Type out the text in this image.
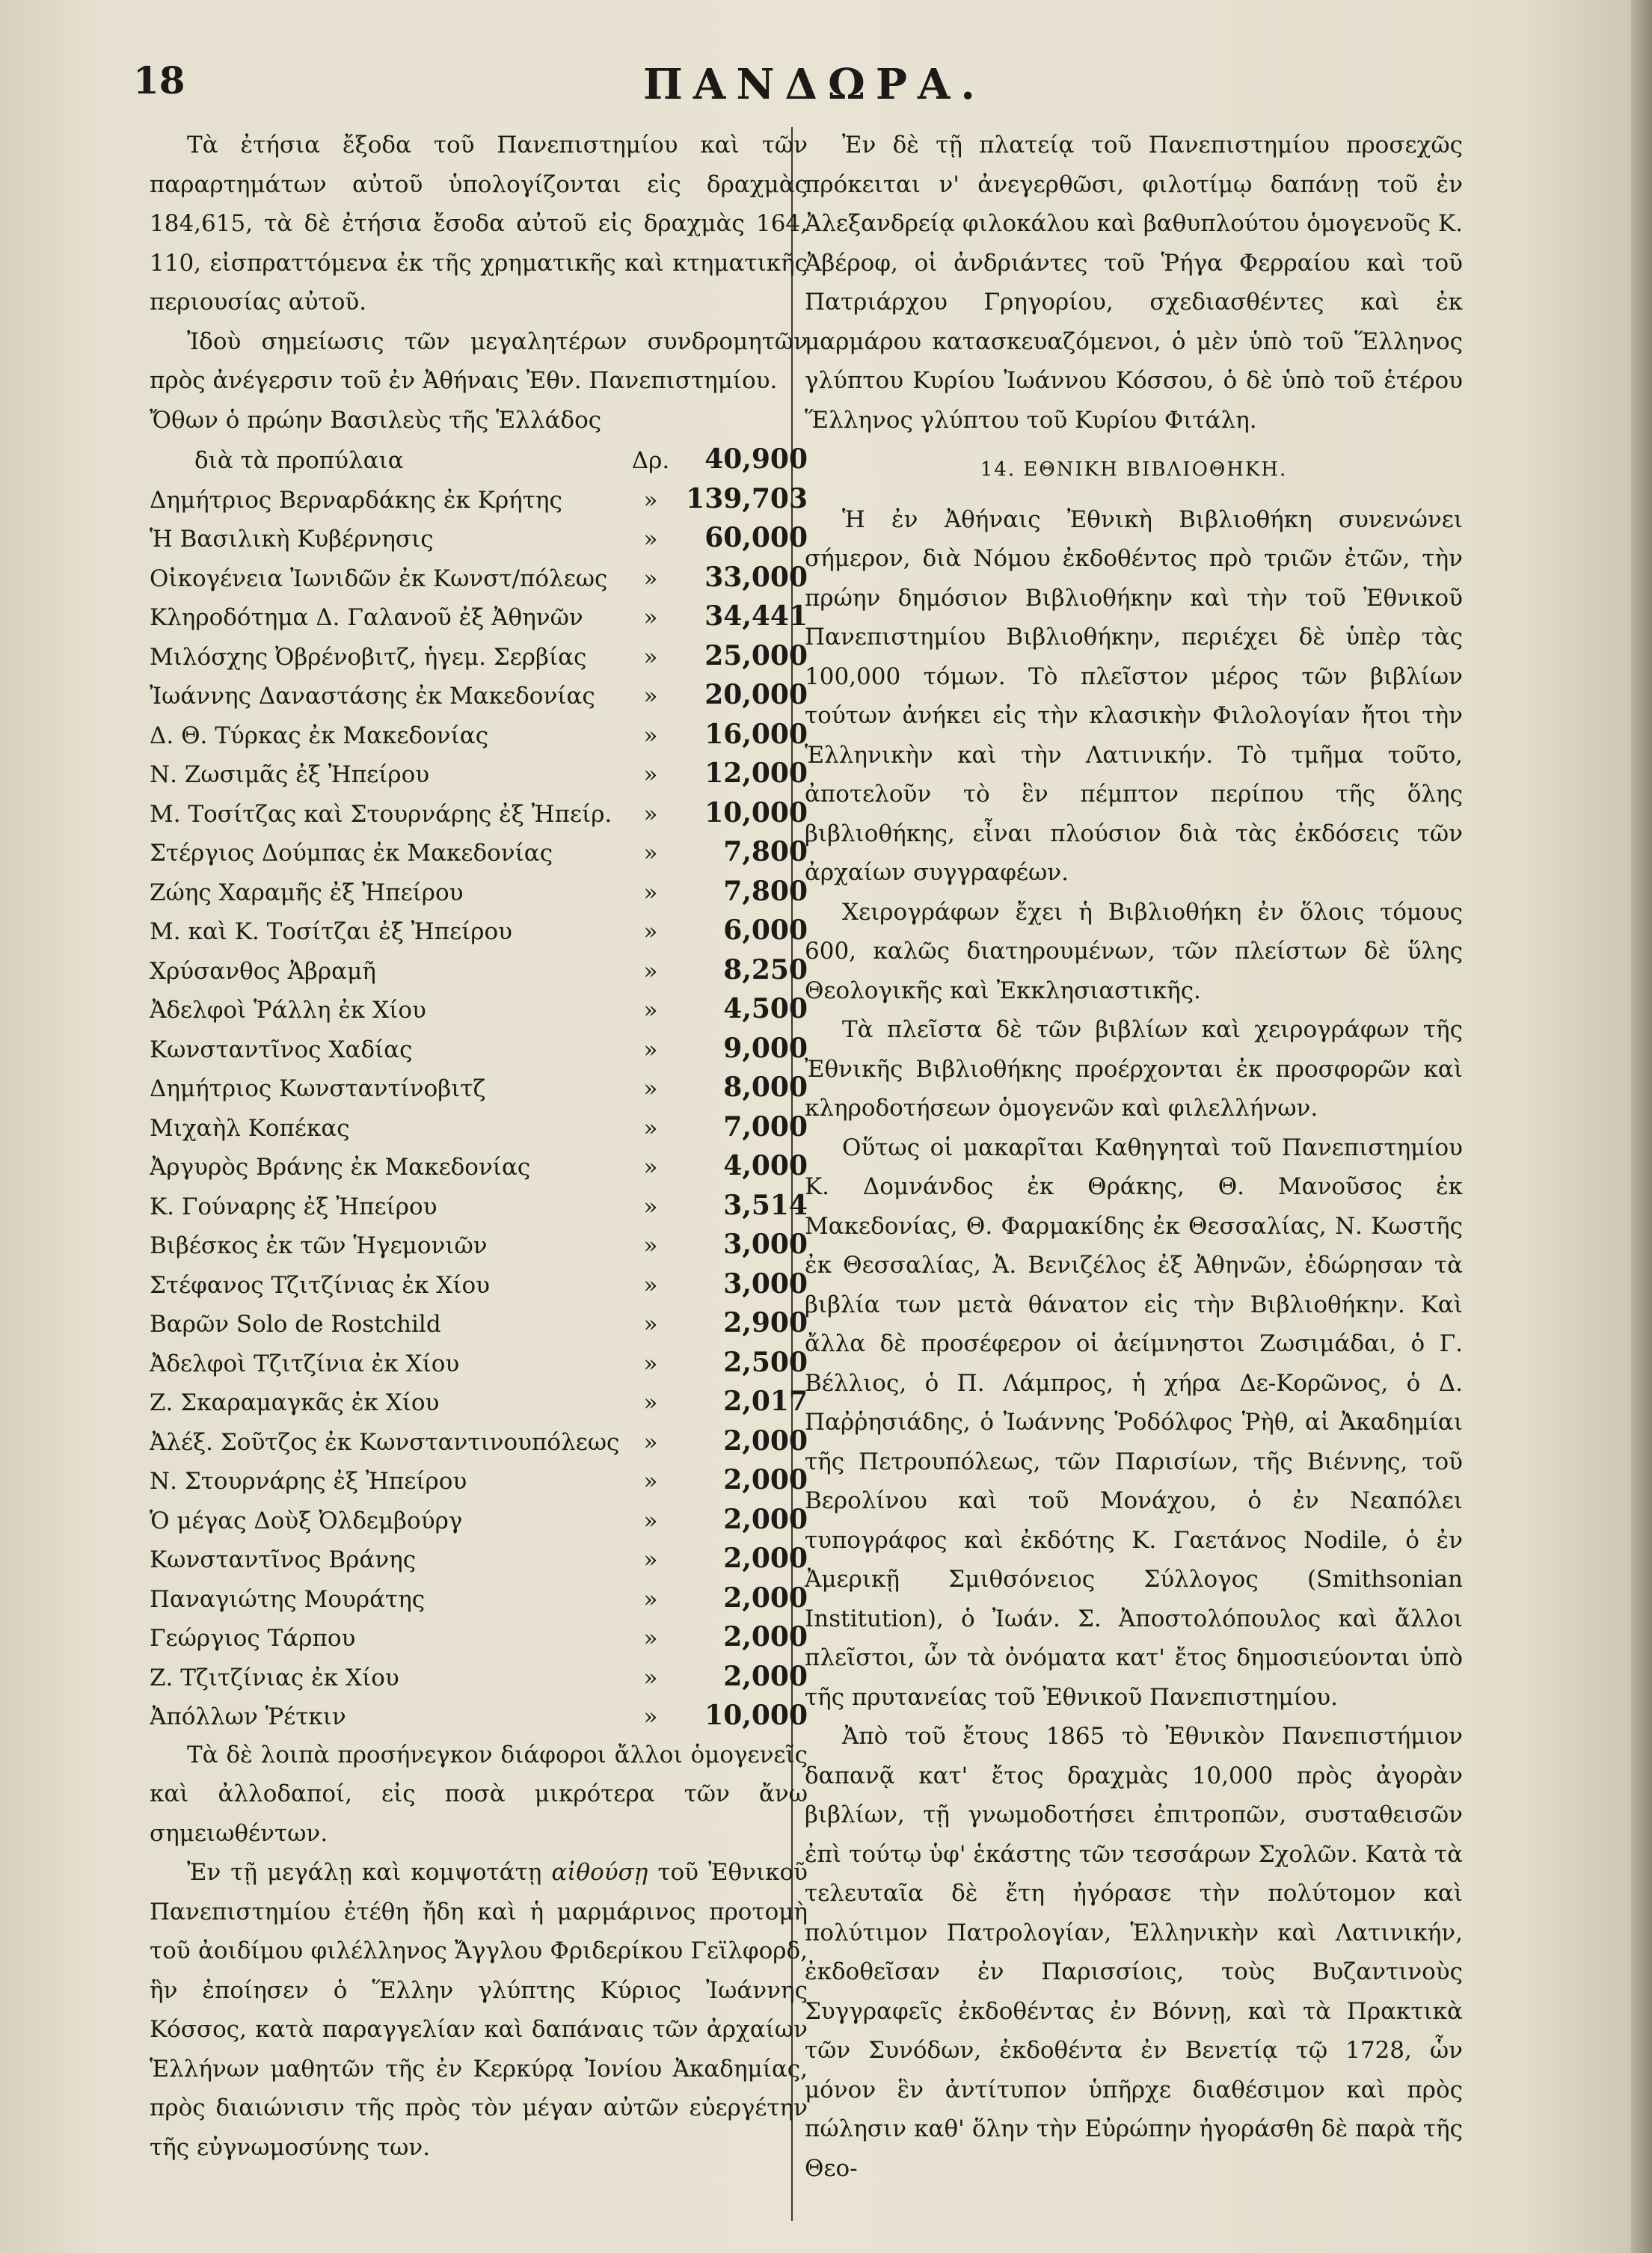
18	ΠΑΝΔΩΡΑ.

Τὰ ἐτήσια ἔξοδα τοῦ Πανεπιστημίου καὶ τῶν παραρτημάτων αὐτοῦ ὑπολογίζονται εἰς δραχμὰς 184,615, τὰ δὲ ἐτήσια ἔσοδα αὐτοῦ εἰς δραχμὰς 164, 110, εἰσπραττόμενα ἐκ τῆς χρηματικῆς καὶ κτηματικῆς περιουσίας αὐτοῦ.

Ἰδοὺ σημείωσις τῶν μεγαλητέρων συνδρομητῶν πρὸς ἀνέγερσιν τοῦ ἐν Ἀθήναις Ἐθν. Πανεπιστημίου.

Ὄθων ὁ πρώην Βασιλεὺς τῆς Ἑλλάδος
διὰ τὰ προπύλαια	Δρ.	40,900
Δημήτριος Βερναρδάκης ἐκ Κρήτης	»	139,703
Ἡ Βασιλικὴ Κυβέρνησις	»	60,000
Οἰκογένεια Ἰωνιδῶν ἐκ Κωνστ/πόλεως	»	33,000
Κληροδότημα Δ. Γαλανοῦ ἐξ Ἀθηνῶν	»	34,441
Μιλόσχης Ὀβρένοβιτζ, ἡγεμ. Σερβίας	»	25,000
Ἰωάννης Δαναστάσης ἐκ Μακεδονίας	»	20,000
Δ. Θ. Τύρκας ἐκ Μακεδονίας	»	16,000
Ν. Ζωσιμᾶς ἐξ Ἠπείρου	»	12,000
Μ. Τοσίτζας καὶ Στουρνάρης ἐξ Ἠπείρ.	»	10,000
Στέργιος Δούμπας ἐκ Μακεδονίας	»	7,800
Ζώης Χαραμῆς ἐξ Ἠπείρου	»	7,800
Μ. καὶ Κ. Τοσίτζαι ἐξ Ἠπείρου	»	6,000
Χρύσανθος Ἀβραμῆ	»	8,250
Ἀδελφοὶ Ῥάλλη ἐκ Χίου	»	4,500
Κωνσταντῖνος Χαδίας	»	9,000
Δημήτριος Κωνσταντίνοβιτζ	»	8,000
Μιχαὴλ Κοπέκας	»	7,000
Ἀργυρὸς Βράνης ἐκ Μακεδονίας	»	4,000
Κ. Γούναρης ἐξ Ἠπείρου	»	3,514
Βιβέσκος ἐκ τῶν Ἡγεμονιῶν	»	3,000
Στέφανος Τζιτζίνιας ἐκ Χίου	»	3,000
Βαρῶν Solo de Rostchild	»	2,900
Ἀδελφοὶ Τζιτζίνια ἐκ Χίου	»	2,500
Ζ. Σκαραμαγκᾶς ἐκ Χίου	»	2,017
Ἀλέξ. Σοῦτζος ἐκ Κωνσταντινουπόλεως	»	2,000
Ν. Στουρνάρης ἐξ Ἠπείρου	»	2,000
Ὁ μέγας Δοὺξ Ὀλδεμβούργ	»	2,000
Κωνσταντῖνος Βράνης	»	2,000
Παναγιώτης Μουράτης	»	2,000
Γεώργιος Τάρπου	»	2,000
Ζ. Τζιτζίνιας ἐκ Χίου	»	2,000
Ἀπόλλων Ῥέτκιν	»	10,000

Τὰ δὲ λοιπὰ προσήνεγκον διάφοροι ἄλλοι ὁμογενεῖς καὶ ἀλλοδαποί, εἰς ποσὰ μικρότερα τῶν ἄνω σημειωθέντων.

Ἐν τῇ μεγάλῃ καὶ κομψοτάτῃ αἰθούσῃ τοῦ Ἐθνικοῦ Πανεπιστημίου ἐτέθη ἤδη καὶ ἡ μαρμάρινος προτομὴ τοῦ ἀοιδίμου φιλέλληνος Ἄγγλου Φριδερίκου Γεϊλφορδ, ἣν ἐποίησεν ὁ Ἕλλην γλύπτης Κύριος Ἰωάννης Κόσσος, κατὰ παραγγελίαν καὶ δαπάναις τῶν ἀρχαίων Ἑλλήνων μαθητῶν τῆς ἐν Κερκύρᾳ Ἰονίου Ἀκαδημίας, πρὸς διαιώνισιν τῆς πρὸς τὸν μέγαν αὐτῶν εὐεργέτην τῆς εὐγνωμοσύνης των.

Ἐν δὲ τῇ πλατείᾳ τοῦ Πανεπιστημίου προσεχῶς πρόκειται ν' ἀνεγερθῶσι, φιλοτίμῳ δαπάνῃ τοῦ ἐν Ἀλεξανδρείᾳ φιλοκάλου καὶ βαθυπλούτου ὁμογενοῦς Κ. Ἀβέροφ, οἱ ἀνδριάντες τοῦ Ῥήγα Φερραίου καὶ τοῦ Πατριάρχου Γρηγορίου, σχεδιασθέντες καὶ ἐκ μαρμάρου κατασκευαζόμενοι, ὁ μὲν ὑπὸ τοῦ Ἕλληνος γλύπτου Κυρίου Ἰωάννου Κόσσου, ὁ δὲ ὑπὸ τοῦ ἑτέρου Ἕλληνος γλύπτου τοῦ Κυρίου Φιτάλη.

14. ΕΘΝΙΚΗ ΒΙΒΛΙΟΘΗΚΗ.

Ἡ ἐν Ἀθήναις Ἐθνικὴ Βιβλιοθήκη συνενώνει σήμερον, διὰ Νόμου ἐκδοθέντος πρὸ τριῶν ἐτῶν, τὴν πρώην δημόσιον Βιβλιοθήκην καὶ τὴν τοῦ Ἐθνικοῦ Πανεπιστημίου Βιβλιοθήκην, περιέχει δὲ ὑπὲρ τὰς 100,000 τόμων. Τὸ πλεῖστον μέρος τῶν βιβλίων τούτων ἀνήκει εἰς τὴν κλασικὴν Φιλολογίαν ἤτοι τὴν Ἑλληνικὴν καὶ τὴν Λατινικήν. Τὸ τμῆμα τοῦτο, ἀποτελοῦν τὸ ἓν πέμπτον περίπου τῆς ὅλης βιβλιοθήκης, εἶναι πλούσιον διὰ τὰς ἐκδόσεις τῶν ἀρχαίων συγγραφέων.

Χειρογράφων ἔχει ἡ Βιβλιοθήκη ἐν ὅλοις τόμους 600, καλῶς διατηρουμένων, τῶν πλείστων δὲ ὕλης Θεολογικῆς καὶ Ἐκκλησιαστικῆς.

Τὰ πλεῖστα δὲ τῶν βιβλίων καὶ χειρογράφων τῆς Ἐθνικῆς Βιβλιοθήκης προέρχονται ἐκ προσφορῶν καὶ κληροδοτήσεων ὁμογενῶν καὶ φιλελλήνων.

Οὕτως οἱ μακαρῖται Καθηγηταὶ τοῦ Πανεπιστημίου Κ. Δομνάνδος ἐκ Θράκης, Θ. Μανοῦσος ἐκ Μακεδονίας, Θ. Φαρμακίδης ἐκ Θεσσαλίας, Ν. Κωστῆς ἐκ Θεσσαλίας, Ἀ. Βενιζέλος ἐξ Ἀθηνῶν, ἐδώρησαν τὰ βιβλία των μετὰ θάνατον εἰς τὴν Βιβλιοθήκην. Καὶ ἄλλα δὲ προσέφερον οἱ ἀείμνηστοι Ζωσιμάδαι, ὁ Γ. Βέλλιος, ὁ Π. Λάμπρος, ἡ χήρα Δε-Κορῶνος, ὁ Δ. Παῤῥησιάδης, ὁ Ἰωάννης Ῥοδόλφος Ῥὴθ, αἱ Ἀκαδημίαι τῆς Πετρουπόλεως, τῶν Παρισίων, τῆς Βιέννης, τοῦ Βερολίνου καὶ τοῦ Μονάχου, ὁ ἐν Νεαπόλει τυπογράφος καὶ ἐκδότης Κ. Γαετάνος Nodile, ὁ ἐν Ἀμερικῇ Σμιθσόνειος Σύλλογος (Smithsonian Institution), ὁ Ἰωάν. Σ. Ἀποστολόπουλος καὶ ἄλλοι πλεῖστοι, ὧν τὰ ὀνόματα κατ' ἔτος δημοσιεύονται ὑπὸ τῆς πρυτανείας τοῦ Ἐθνικοῦ Πανεπιστημίου.

Ἀπὸ τοῦ ἔτους 1865 τὸ Ἐθνικὸν Πανεπιστήμιον δαπανᾷ κατ' ἔτος δραχμὰς 10,000 πρὸς ἀγορὰν βιβλίων, τῇ γνωμοδοτήσει ἐπιτροπῶν, συσταθεισῶν ἐπὶ τούτῳ ὑφ' ἑκάστης τῶν τεσσάρων Σχολῶν. Κατὰ τὰ τελευταῖα δὲ ἔτη ἠγόρασε τὴν πολύτομον καὶ πολύτιμον Πατρολογίαν, Ἑλληνικὴν καὶ Λατινικήν, ἐκδοθεῖσαν ἐν Παρισσίοις, τοὺς Βυζαντινοὺς Συγγραφεῖς ἐκδοθέντας ἐν Βόννῃ, καὶ τὰ Πρακτικὰ τῶν Συνόδων, ἐκδοθέντα ἐν Βενετίᾳ τῷ 1728, ὧν μόνον ἓν ἀντίτυπον ὑπῆρχε διαθέσιμον καὶ πρὸς πώλησιν καθ' ὅλην τὴν Εὐρώπην ἠγοράσθη δὲ παρὰ τῆς Θεο-
